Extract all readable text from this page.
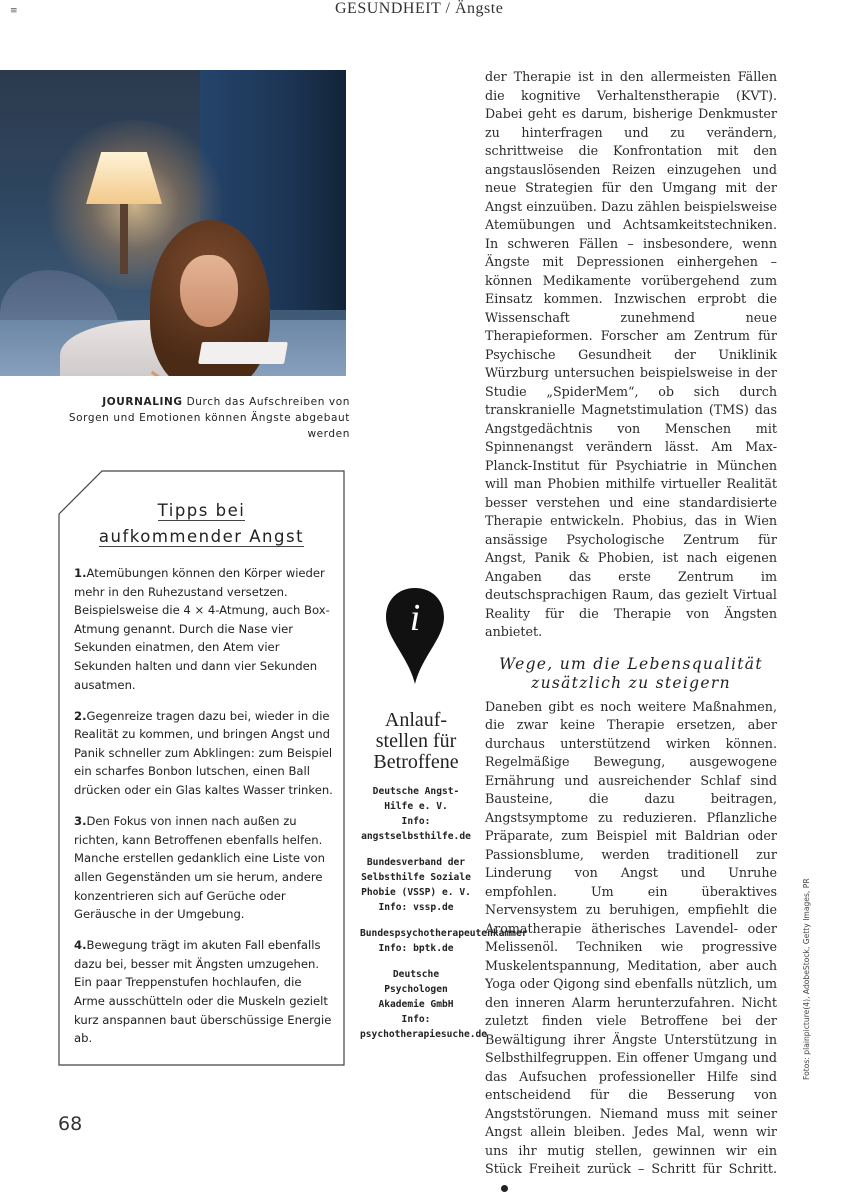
≡	GESUNDHEIT / Ängste
JOURNALING Durch das Aufschreiben von Sorgen und Emotionen können Ängste abgebaut werden
Tipps bei
aufkommender Angst
1.Atemübungen können den Körper wieder mehr in den Ruhezustand versetzen. Beispielsweise die 4 × 4-Atmung, auch Box-Atmung genannt. Durch die Nase vier Sekunden einatmen, den Atem vier Sekunden halten und dann vier Sekunden ausatmen.
2.Gegenreize tragen dazu bei, wieder in die Realität zu kommen, und bringen Angst und Panik schneller zum Abklingen: zum Beispiel ein scharfes Bonbon lutschen, einen Ball drücken oder ein Glas kaltes Wasser trinken.
3.Den Fokus von innen nach außen zu richten, kann Betroffenen ebenfalls helfen. Manche erstellen gedanklich eine Liste von allen Gegenständen um sie herum, andere konzentrieren sich auf Gerüche oder Geräusche in der Umgebung.
4.Bewegung trägt im akuten Fall ebenfalls dazu bei, besser mit Ängsten umzugehen. Ein paar Treppenstufen hochlaufen, die Arme ausschütteln oder die Muskeln gezielt kurz anspannen baut überschüssige Energie ab.
i
Anlauf-
stellen für
Betroffene
Deutsche Angst-Hilfe e. V.
Info: angstselbsthilfe.de
Bundesverband der Selbsthilfe Soziale Phobie (VSSP) e. V.
Info: vssp.de
Bundespsychotherapeutenkammer
Info: bptk.de
Deutsche Psychologen Akademie GmbH
Info: psychotherapiesuche.de

der Therapie ist in den allermeisten Fällen die kognitive Verhaltenstherapie (KVT). Dabei geht es darum, bisherige Denkmuster zu hinterfragen und zu verändern, schrittweise die Konfrontation mit den angstauslösenden Reizen einzugehen und neue Strategien für den Umgang mit der Angst einzuüben. Dazu zählen beispielsweise Atemübungen und Achtsamkeitstechniken. In schweren Fällen – insbesondere, wenn Ängste mit Depressionen einhergehen – können Medikamente vorübergehend zum Einsatz kommen. Inzwischen erprobt die Wissenschaft zunehmend neue Therapieformen. Forscher am Zentrum für Psychische Gesundheit der Uniklinik Würzburg untersuchen beispielsweise in der Studie „SpiderMem“, ob sich durch transkranielle Magnetstimulation (TMS) das Angstgedächtnis von Menschen mit Spinnenangst verändern lässt. Am Max-Planck-Institut für Psychiatrie in München will man Phobien mithilfe virtueller Realität besser verstehen und eine standardisierte Therapie entwickeln. Phobius, das in Wien ansässige Psychologische Zentrum für Angst, Panik & Phobien, ist nach eigenen Angaben das erste Zentrum im deutschsprachigen Raum, das gezielt Virtual Reality für die Therapie von Ängsten anbietet.

Wege, um die Lebensqualität
zusätzlich zu steigern

Daneben gibt es noch weitere Maßnahmen, die zwar keine Therapie ersetzen, aber durchaus unterstützend wirken können. Regelmäßige Bewegung, ausgewogene Ernährung und ausreichender Schlaf sind Bausteine, die dazu beitragen, Angstsymptome zu reduzieren. Pflanzliche Präparate, zum Beispiel mit Baldrian oder Passionsblume, werden traditionell zur Linderung von Angst und Unruhe empfohlen. Um ein überaktives Nervensystem zu beruhigen, empfiehlt die Aromatherapie ätherisches Lavendel- oder Melissenöl. Techniken wie progressive Muskelentspannung, Meditation, aber auch Yoga oder Qigong sind ebenfalls nützlich, um den inneren Alarm herunterzufahren. Nicht zuletzt finden viele Betroffene bei der Bewältigung ihrer Ängste Unterstützung in Selbsthilfegruppen. Ein offener Umgang und das Aufsuchen professioneller Hilfe sind entscheidend für die Besserung von Angststörungen. Niemand muss mit seiner Angst allein bleiben. Jedes Mal, wenn wir uns ihr mutig stellen, gewinnen wir ein Stück Freiheit zurück – Schritt für Schritt.

Fotos: plainpicture(4), AdobeStock, Getty Images, PR
68
